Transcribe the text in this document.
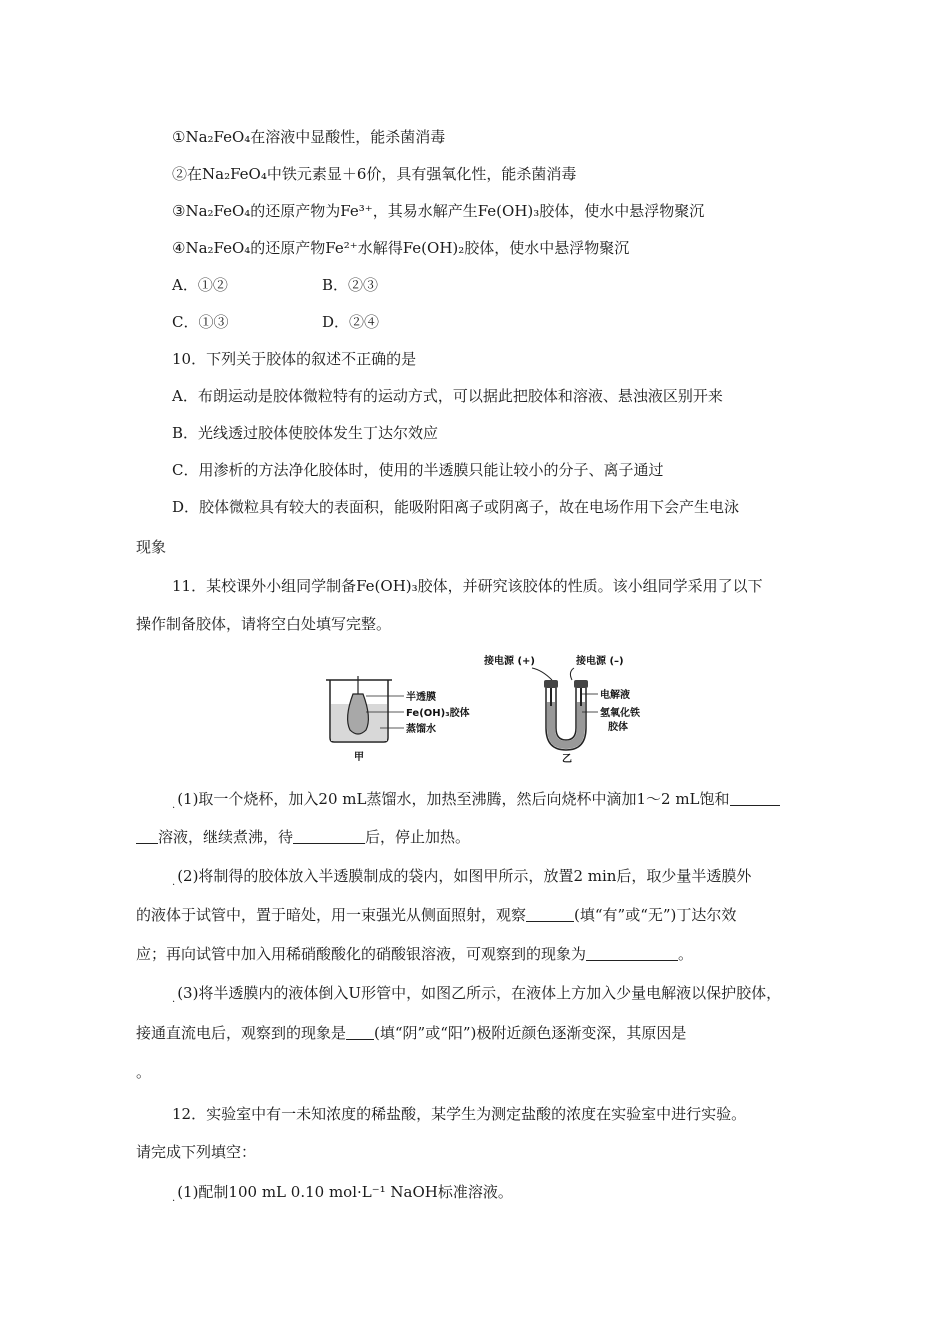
①Na₂FeO₄在溶液中显酸性，能杀菌消毒
②在Na₂FeO₄中铁元素显＋6价，具有强氧化性，能杀菌消毒
③Na₂FeO₄的还原产物为Fe³⁺，其易水解产生Fe(OH)₃胶体，使水中悬浮物聚沉
④Na₂FeO₄的还原产物Fe²⁺水解得Fe(OH)₂胶体，使水中悬浮物聚沉
A．①②	B．②③
C．①③	D．②④
10．下列关于胶体的叙述不正确的是
A．布朗运动是胶体微粒特有的运动方式，可以据此把胶体和溶液、悬浊液区别开来
B．光线透过胶体使胶体发生丁达尔效应
C．用渗析的方法净化胶体时，使用的半透膜只能让较小的分子、离子通过
D．胶体微粒具有较大的表面积，能吸附阳离子或阴离子，故在电场作用下会产生电泳
现象
11．某校课外小组同学制备Fe(OH)₃胶体，并研究该胶体的性质。该小组同学采用了以下
操作制备胶体，请将空白处填写完整。
半透膜
Fe(OH)₃胶体
蒸馏水
甲
接电源 (+)	接电源 (–)
电解液
氢氧化铁
胶体
乙
$_.$ (1)取一个烧杯，加入20 mL蒸馏水，加热至沸腾，然后向烧杯中滴加1～2 mL饱和
溶液，继续煮沸，待	后，停止加热。
$_.$ (2)将制得的胶体放入半透膜制成的袋内，如图甲所示，放置2 min后，取少量半透膜外
的液体于试管中，置于暗处，用一束强光从侧面照射，观察	(填“有”或“无”)丁达尔效
应；再向试管中加入用稀硝酸酸化的硝酸银溶液，可观察到的现象为	。
$_.$ (3)将半透膜内的液体倒入U形管中，如图乙所示，在液体上方加入少量电解液以保护胶体，
接通直流电后，观察到的现象是 (填“阴”或“阳”)极附近颜色逐渐变深，其原因是
。
12．实验室中有一未知浓度的稀盐酸，某学生为测定盐酸的浓度在实验室中进行实验。
请完成下列填空：
$_.$ (1)配制100 mL 0.10 mol·L⁻¹ NaOH标准溶液。
